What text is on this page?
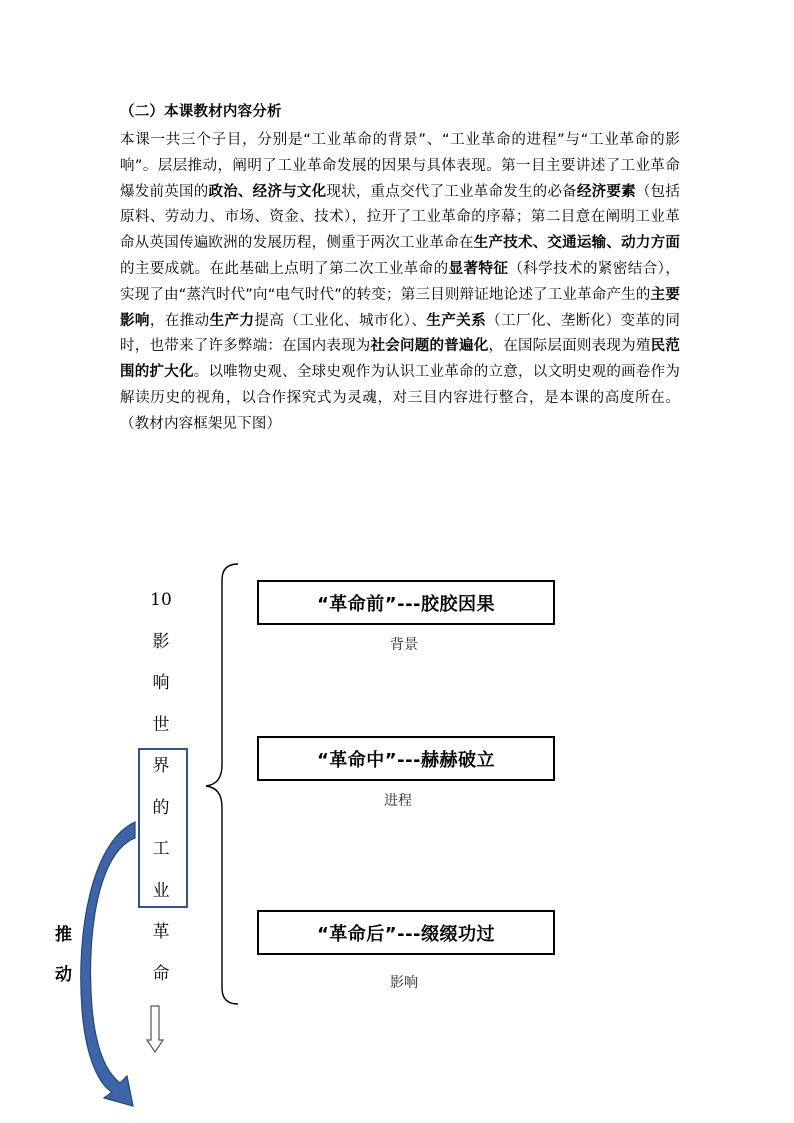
（二）本课教材内容分析
本课一共三个子目，分别是“工业革命的背景”、“工业革命的进程”与“工业革命的影响”。层层推动，阐明了工业革命发展的因果与具体表现。第一目主要讲述了工业革命爆发前英国的政治、经济与文化现状，重点交代了工业革命发生的必备经济要素（包括原料、劳动力、市场、资金、技术），拉开了工业革命的序幕；第二目意在阐明工业革命从英国传遍欧洲的发展历程，侧重于两次工业革命在生产技术、交通运输、动力方面的主要成就。在此基础上点明了第二次工业革命的显著特征（科学技术的紧密结合），实现了由“蒸汽时代”向“电气时代”的转变；第三目则辩证地论述了工业革命产生的主要影响，在推动生产力提高（工业化、城市化）、生产关系（工厂化、垄断化）变革的同时，也带来了许多弊端：在国内表现为社会问题的普遍化，在国际层面则表现为殖民范围的扩大化。以唯物史观、全球史观作为认识工业革命的立意，以文明史观的画卷作为解读历史的视角，以合作探究式为灵魂，对三目内容进行整合，是本课的高度所在。（教材内容框架见下图）
10
影
响
世
界
的
工
业
革
命
“革命前”---胶胶因果
背景
“革命中”---赫赫破立
进程
“革命后”---缀缀功过
影响
推
动
